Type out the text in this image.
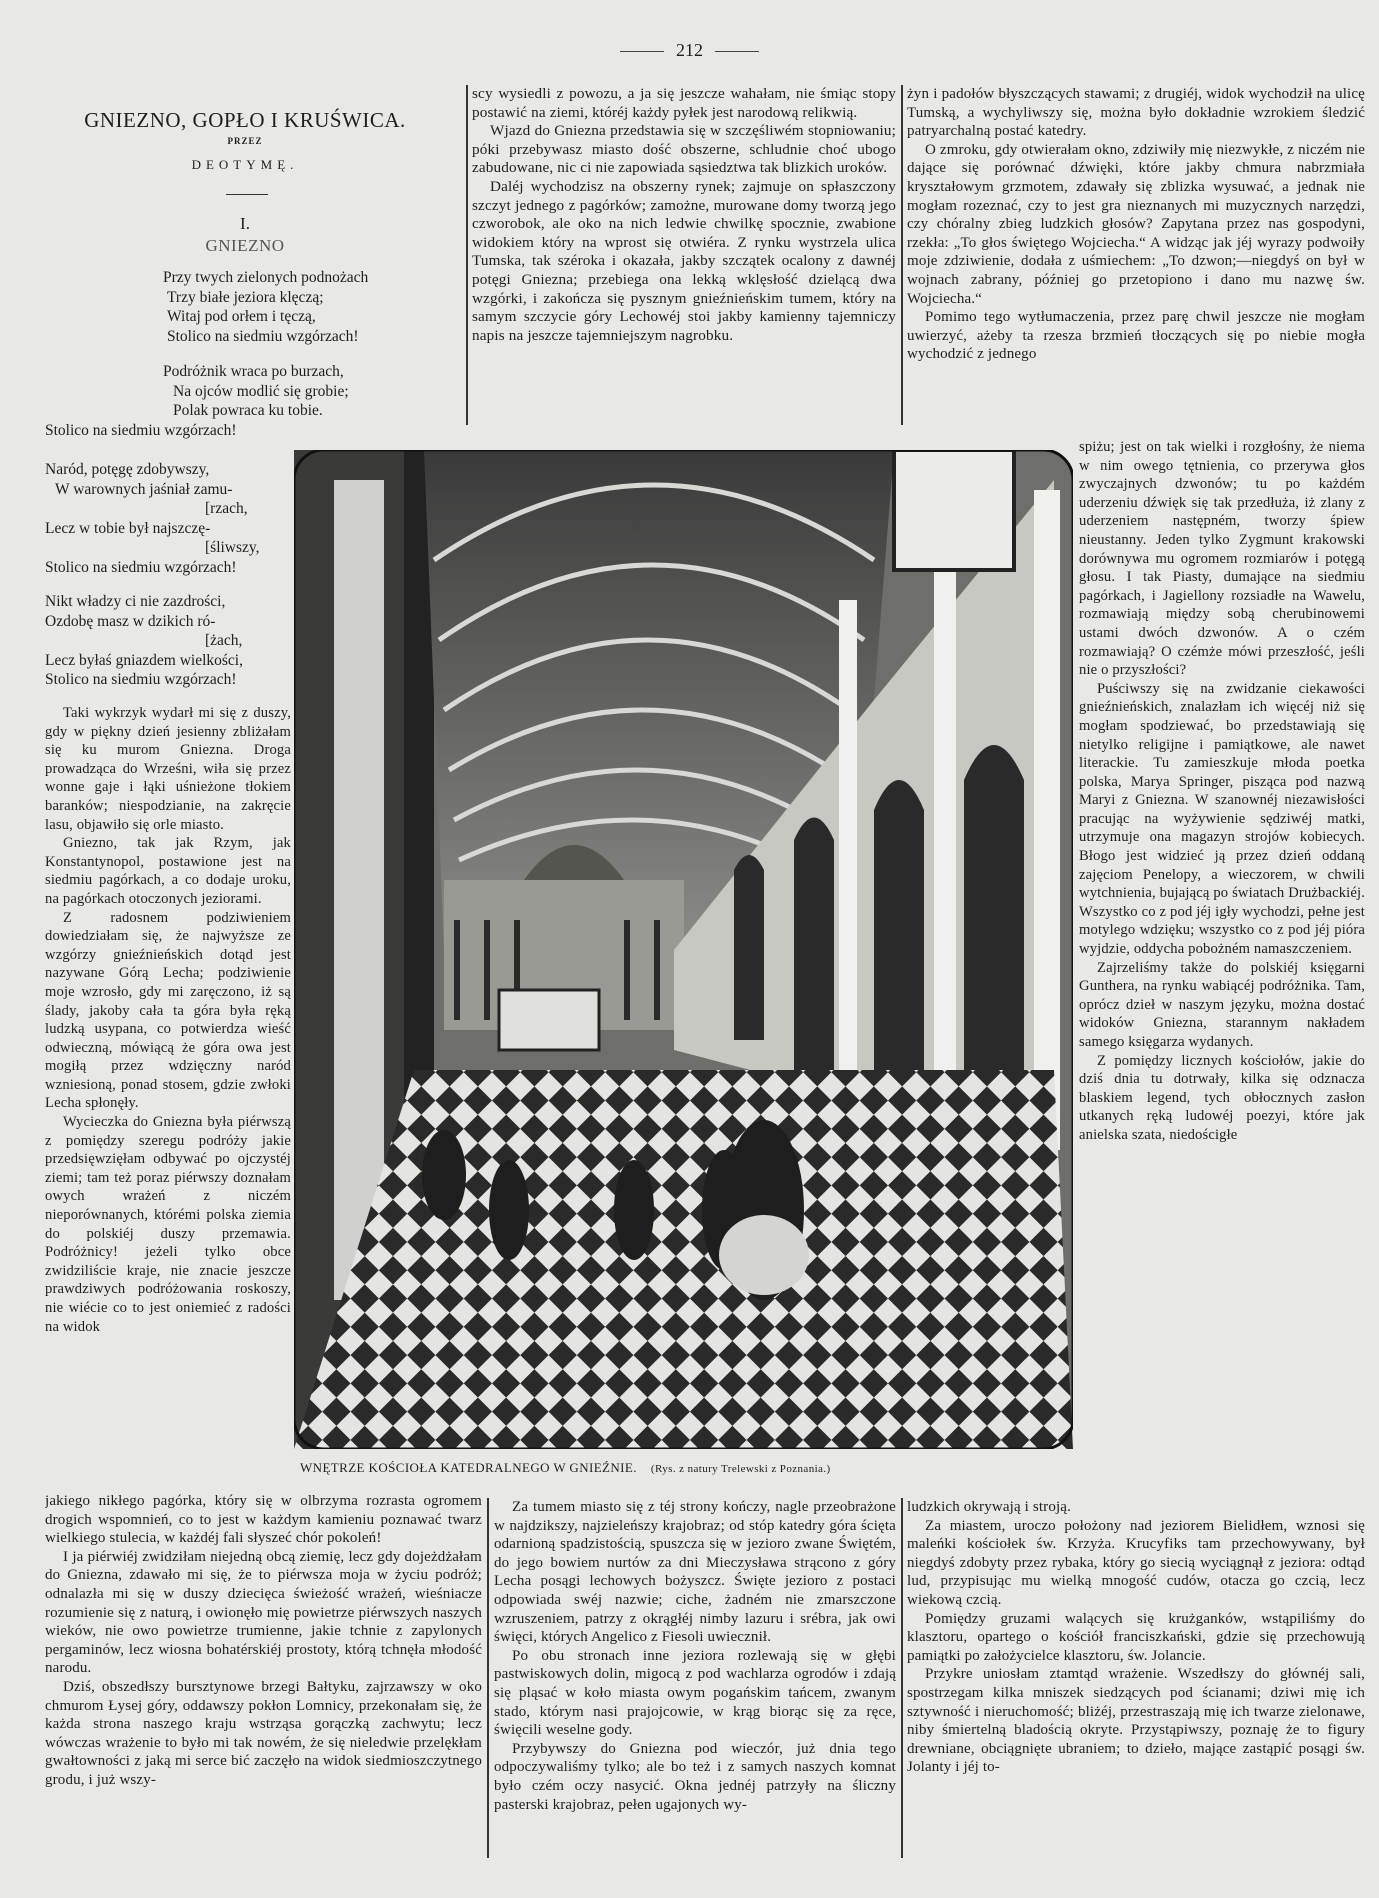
212
GNIEZNO, GOPŁO I KRUŚWICA.
PRZEZ
DEOTYMĘ.
I.
GNIEZNO
Przy twych zielonych podnożach
Trzy białe jeziora klęczą;
Witaj pod orłem i tęczą,
Stolico na siedmiu wzgórzach!
Podróżnik wraca po burzach,
Na ojców modlić się grobie;
Polak powraca ku tobie.
Stolico na siedmiu wzgórzach!
Naród, potęgę zdobywszy,
W warownych jaśniał zamu-
[rzach,
Lecz w tobie był najszczę-
[śliwszy,
Stolico na siedmiu wzgórzach!
Nikt władzy ci nie zazdrości,
Ozdobę masz w dzikich ró-
[żach,
Lecz byłaś gniazdem wielkości,
Stolico na siedmiu wzgórzach!

Taki wykrzyk wydarł mi się z duszy, gdy w piękny dzień jesienny zbliżałam się ku murom Gniezna. Droga prowadząca do Wrześni, wiła się przez wonne gaje i łąki uśnieżone tłokiem baranków; niespodzianie, na zakręcie lasu, objawiło się orle miasto.

Gniezno, tak jak Rzym, jak Konstantynopol, postawione jest na siedmiu pagórkach, a co dodaje uroku, na pagórkach otoczonych jeziorami.

Z radosnem podziwieniem dowiedziałam się, że najwyższe ze wzgórzy gnieźnieńskich dotąd jest nazywane Górą Lecha; podziwienie moje wzrosło, gdy mi zaręczono, iż są ślady, jakoby cała ta góra była ręką ludzką usypana, co potwierdza wieść odwieczną, mówiącą że góra owa jest mogiłą przez wdzięczny naród wzniesioną, ponad stosem, gdzie zwłoki Lecha spłonęły.

Wycieczka do Gniezna była piérwszą z pomiędzy szeregu podróży jakie przedsięwzięłam odbywać po ojczystéj ziemi; tam też poraz piérwszy doznałam owych wrażeń z niczém nieporównanych, którémi polska ziemia do polskiéj duszy przemawia. Podróżnicy! jeżeli tylko obce zwidziliście kraje, nie znacie jeszcze prawdziwych podróżowania roskoszy, nie wiécie co to jest oniemieć z radości na widok

jakiego nikłego pagórka, który się w olbrzyma rozrasta ogromem drogich wspomnień, co to jest w każdym kamieniu poznawać twarz wielkiego stulecia, w każdéj fali słyszeć chór pokoleń!

I ja piérwiéj zwidziłam niejedną obcą ziemię, lecz gdy dojeżdżałam do Gniezna, zdawało mi się, że to piérwsza moja w życiu podróż; odnalazła mi się w duszy dziecięca świeżość wrażeń, wieśniacze rozumienie się z naturą, i owionęło mię powietrze piérwszych naszych wieków, nie owo powietrze trumienne, jakie tchnie z zapylonych pergaminów, lecz wiosna bohatérskiéj prostoty, którą tchnęła młodość narodu.

Dziś, obszedłszy bursztynowe brzegi Bałtyku, zajrzawszy w oko chmurom Łysej góry, oddawszy pokłon Lomnicy, przekonałam się, że każda strona naszego kraju wstrząsa gorączką zachwytu; lecz wówczas wrażenie to było mi tak nowém, że się nieledwie przelękłam gwałtowności z jaką mi serce bić zaczęło na widok siedmioszczytnego grodu, i już wszy-

scy wysiedli z powozu, a ja się jeszcze wahałam, nie śmiąc stopy postawić na ziemi, któréj każdy pyłek jest narodową relikwią.

Wjazd do Gniezna przedstawia się w szczęśliwém stopniowaniu; póki przebywasz miasto dość obszerne, schludnie choć ubogo zabudowane, nic ci nie zapowiada sąsiedztwa tak blizkich uroków.

Daléj wychodzisz na obszerny rynek; zajmuje on spłaszczony szczyt jednego z pagórków; zamożne, murowane domy tworzą jego czworobok, ale oko na nich ledwie chwilkę spocznie, zwabione widokiem który na wprost się otwiéra. Z rynku wystrzela ulica Tumska, tak széroka i okazała, jakby szczątek ocalony z dawnéj potęgi Gniezna; przebiega ona lekką wklęsłość dzielącą dwa wzgórki, i zakończa się pysznym gnieźnieńskim tumem, który na samym szczycie góry Lechowéj stoi jakby kamienny tajemniczy napis na jeszcze tajemniejszym nagrobku.

żyn i padołów błyszczących stawami; z drugiéj, widok wychodził na ulicę Tumską, a wychyliwszy się, można było dokładnie wzrokiem śledzić patryarchalną postać katedry.

O zmroku, gdy otwierałam okno, zdziwiły mię niezwykłe, z niczém nie dające się porównać dźwięki, które jakby chmura nabrzmiała kryształowym grzmotem, zdawały się zblizka wysuwać, a jednak nie mogłam rozeznać, czy to jest gra nieznanych mi muzycznych narzędzi, czy chóralny zbieg ludzkich głosów? Zapytana przez nas gospodyni, rzekła: „To głos świętego Wojciecha.“ A widząc jak jéj wyrazy podwoiły moje zdziwienie, dodała z uśmiechem: „To dzwon;—niegdyś on był w wojnach zabrany, później go przetopiono i dano mu nazwę św. Wojciecha.“

Pomimo tego wytłumaczenia, przez parę chwil jeszcze nie mogłam uwierzyć, ażeby ta rzesza brzmień tłoczących się po niebie mogła wychodzić z jednego

spiżu; jest on tak wielki i rozgłośny, że niema w nim owego tętnienia, co przerywa głos zwyczajnych dzwonów; tu po każdém uderzeniu dźwięk się tak przedłuża, iż zlany z uderzeniem następném, tworzy śpiew nieustanny. Jeden tylko Zygmunt krakowski dorównywa mu ogromem rozmiarów i potęgą głosu. I tak Piasty, dumające na siedmiu pagórkach, i Jagiellony rozsiadłe na Wawelu, rozmawiają między sobą cherubinowemi ustami dwóch dzwonów. A o czém rozmawiają? O czémże mówi przeszłość, jeśli nie o przyszłości?

Puściwszy się na zwidzanie ciekawości gnieźnieńskich, znalazłam ich więcéj niż się mogłam spodziewać, bo przedstawiają się nietylko religijne i pamiątkowe, ale nawet literackie. Tu zamieszkuje młoda poetka polska, Marya Springer, pisząca pod nazwą Maryi z Gniezna. W szanownéj niezawisłości pracując na wyżywienie sędziwéj matki, utrzymuje ona magazyn strojów kobiecych. Błogo jest widzieć ją przez dzień oddaną zajęciom Penelopy, a wieczorem, w chwili wytchnienia, bujającą po światach Drużbackiéj. Wszystko co z pod jéj igły wychodzi, pełne jest motylego wdzięku; wszystko co z pod jéj pióra wyjdzie, oddycha pobożném namaszczeniem.

Zajrzeliśmy także do polskiéj księgarni Gunthera, na rynku wabiącéj podróżnika. Tam, oprócz dzieł w naszym języku, można dostać widoków Gniezna, starannym nakładem samego księgarza wydanych.

Z pomiędzy licznych kościołów, jakie do dziś dnia tu dotrwały, kilka się odznacza blaskiem legend, tych obłocznych zasłon utkanych ręką ludowéj poezyi, które jak anielska szata, niedościgłe

WNĘTRZE KOŚCIOŁA KATEDRALNEGO W GNIEŹNIE. (Rys. z natury Trelewski z Poznania.)

Za tumem miasto się z téj strony kończy, nagle przeobrażone w najdzikszy, najzieleńszy krajobraz; od stóp katedry góra ścięta odarnioną spadzistością, spuszcza się w jezioro zwane Świętém, do jego bowiem nurtów za dni Mieczysława strącono z góry Lecha posągi lechowych bożyszcz. Święte jezioro z postaci odpowiada swéj nazwie; ciche, żadném nie zmarszczone wzruszeniem, patrzy z okrągłéj nimby lazuru i srébra, jak owi święci, których Angelico z Fiesoli uwiecznił.

Po obu stronach inne jeziora rozlewają się w głębi pastwiskowych dolin, migocą z pod wachlarza ogrodów i zdają się pląsać w koło miasta owym pogańskim tańcem, zwanym stado, którym nasi prajojcowie, w krąg biorąc się za ręce, święcili weselne gody.

Przybywszy do Gniezna pod wieczór, już dnia tego odpoczywaliśmy tylko; ale bo też i z samych naszych komnat było czém oczy nasycić. Okna jednéj patrzyły na śliczny pasterski krajobraz, pełen ugajonych wy-

ludzkich okrywają i stroją.

Za miastem, uroczo położony nad jeziorem Bielidłem, wznosi się maleńki kościołek św. Krzyża. Krucyfiks tam przechowywany, był niegdyś zdobyty przez rybaka, który go siecią wyciągnął z jeziora: odtąd lud, przypisując mu wielką mnogość cudów, otacza go czcią, lecz wiekową czcią.

Pomiędzy gruzami walących się krużganków, wstąpiliśmy do klasztoru, opartego o kościół franciszkański, gdzie się przechowują pamiątki po założycielce klasztoru, św. Jolancie.

Przykre uniosłam ztamtąd wrażenie. Wszedłszy do głównéj sali, spostrzegam kilka mniszek siedzących pod ścianami; dziwi mię ich sztywność i nieruchomość; bliżéj, przestraszają mię ich twarze zielonawe, niby śmiertelną bladością okryte. Przystąpiwszy, poznaję że to figury drewniane, obciągnięte ubraniem; to dzieło, mające zastąpić posągi św. Jolanty i jéj to-
